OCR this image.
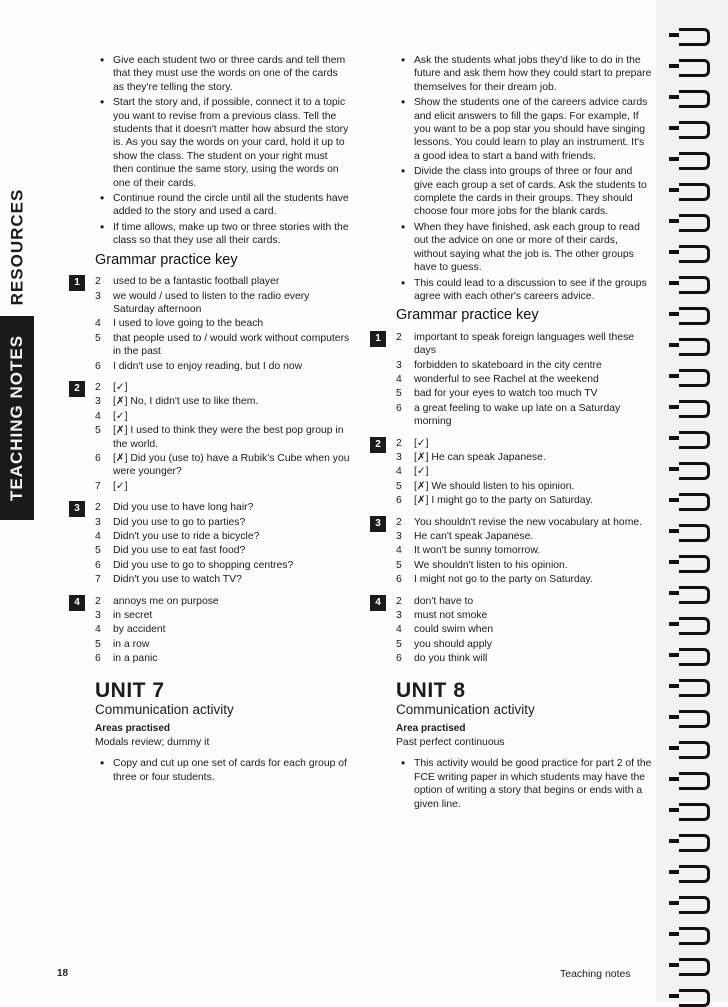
RESOURCES
TEACHING NOTES
• Give each student two or three cards and tell them that they must use the words on one of the cards as they're telling the story.
• Start the story and, if possible, connect it to a topic you want to revise from a previous class. Tell the students that it doesn't matter how absurd the story is. As you say the words on your card, hold it up to show the class. The student on your right must then continue the same story, using the words on one of their cards.
• Continue round the circle until all the students have added to the story and used a card.
• If time allows, make up two or three stories with the class so that they use all their cards.
Grammar practice key
1	2 used to be a fantastic football player
3 we would / used to listen to the radio every Saturday afternoon
4 I used to love going to the beach
5 that people used to / would work without computers in the past
6 I didn't use to enjoy reading, but I do now
2	2 [✓]
3 [✗] No, I didn't use to like them.
4 [✓]
5 [✗] I used to think they were the best pop group in the world.
6 [✗] Did you (use to) have a Rubik's Cube when you were younger?
7 [✓]
3	2 Did you use to have long hair?
3 Did you use to go to parties?
4 Didn't you use to ride a bicycle?
5 Did you use to eat fast food?
6 Did you use to go to shopping centres?
7 Didn't you use to watch TV?
4	2 annoys me on purpose
3 in secret
4 by accident
5 in a row
6 in a panic
UNIT 7
Communication activity
Areas practised
Modals review; dummy it
• Copy and cut up one set of cards for each group of three or four students.
• Ask the students what jobs they'd like to do in the future and ask them how they could start to prepare themselves for their dream job.
• Show the students one of the careers advice cards and elicit answers to fill the gaps. For example, If you want to be a pop star you should have singing lessons. You could learn to play an instrument. It's a good idea to start a band with friends.
• Divide the class into groups of three or four and give each group a set of cards. Ask the students to complete the cards in their groups. They should choose four more jobs for the blank cards.
• When they have finished, ask each group to read out the advice on one or more of their cards, without saying what the job is. The other groups have to guess.
• This could lead to a discussion to see if the groups agree with each other's careers advice.
Grammar practice key
1	2 important to speak foreign languages well these days
3 forbidden to skateboard in the city centre
4 wonderful to see Rachel at the weekend
5 bad for your eyes to watch too much TV
6 a great feeling to wake up late on a Saturday morning
2	2 [✓]
3 [✗] He can speak Japanese.
4 [✓]
5 [✗] We should listen to his opinion.
6 [✗] I might go to the party on Saturday.
3	2 You shouldn't revise the new vocabulary at home.
3 He can't speak Japanese.
4 It won't be sunny tomorrow.
5 We shouldn't listen to his opinion.
6 I might not go to the party on Saturday.
4	2 don't have to
3 must not smoke
4 could swim when
5 you should apply
6 do you think will
UNIT 8
Communication activity
Area practised
Past perfect continuous
• This activity would be good practice for part 2 of the FCE writing paper in which students may have the option of writing a story that begins or ends with a given line.
18	Teaching notes
